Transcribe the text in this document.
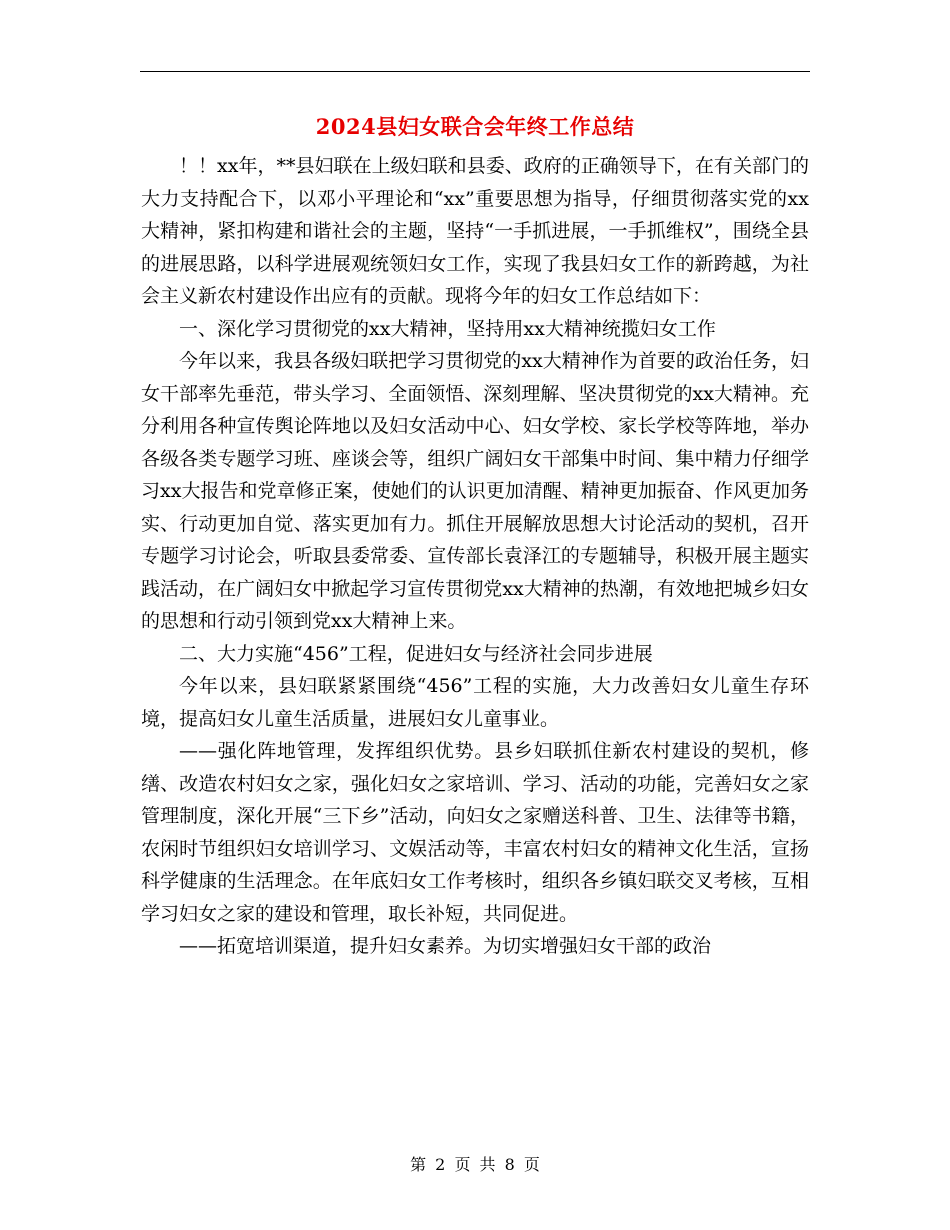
2024县妇女联合会年终工作总结

！！xx年，**县妇联在上级妇联和县委、政府的正确领导下，在有关部门的大力支持配合下，以邓小平理论和“xx”重要思想为指导，仔细贯彻落实党的xx大精神，紧扣构建和谐社会的主题，坚持“一手抓进展，一手抓维权”，围绕全县的进展思路，以科学进展观统领妇女工作，实现了我县妇女工作的新跨越，为社会主义新农村建设作出应有的贡献。现将今年的妇女工作总结如下：

一、深化学习贯彻党的xx大精神，坚持用xx大精神统揽妇女工作

今年以来，我县各级妇联把学习贯彻党的xx大精神作为首要的政治任务，妇女干部率先垂范，带头学习、全面领悟、深刻理解、坚决贯彻党的xx大精神。充分利用各种宣传舆论阵地以及妇女活动中心、妇女学校、家长学校等阵地，举办各级各类专题学习班、座谈会等，组织广阔妇女干部集中时间、集中精力仔细学习xx大报告和党章修正案，使她们的认识更加清醒、精神更加振奋、作风更加务实、行动更加自觉、落实更加有力。抓住开展解放思想大讨论活动的契机，召开专题学习讨论会，听取县委常委、宣传部长袁泽江的专题辅导，积极开展主题实践活动，在广阔妇女中掀起学习宣传贯彻党xx大精神的热潮，有效地把城乡妇女的思想和行动引领到党xx大精神上来。

二、大力实施“456”工程，促进妇女与经济社会同步进展

今年以来，县妇联紧紧围绕“456”工程的实施，大力改善妇女儿童生存环境，提高妇女儿童生活质量，进展妇女儿童事业。

——强化阵地管理，发挥组织优势。县乡妇联抓住新农村建设的契机，修缮、改造农村妇女之家，强化妇女之家培训、学习、活动的功能，完善妇女之家管理制度，深化开展“三下乡”活动，向妇女之家赠送科普、卫生、法律等书籍，农闲时节组织妇女培训学习、文娱活动等，丰富农村妇女的精神文化生活，宣扬科学健康的生活理念。在年底妇女工作考核时，组织各乡镇妇联交叉考核，互相学习妇女之家的建设和管理，取长补短，共同促进。

——拓宽培训渠道，提升妇女素养。为切实增强妇女干部的政治

第 2 页 共 8 页
